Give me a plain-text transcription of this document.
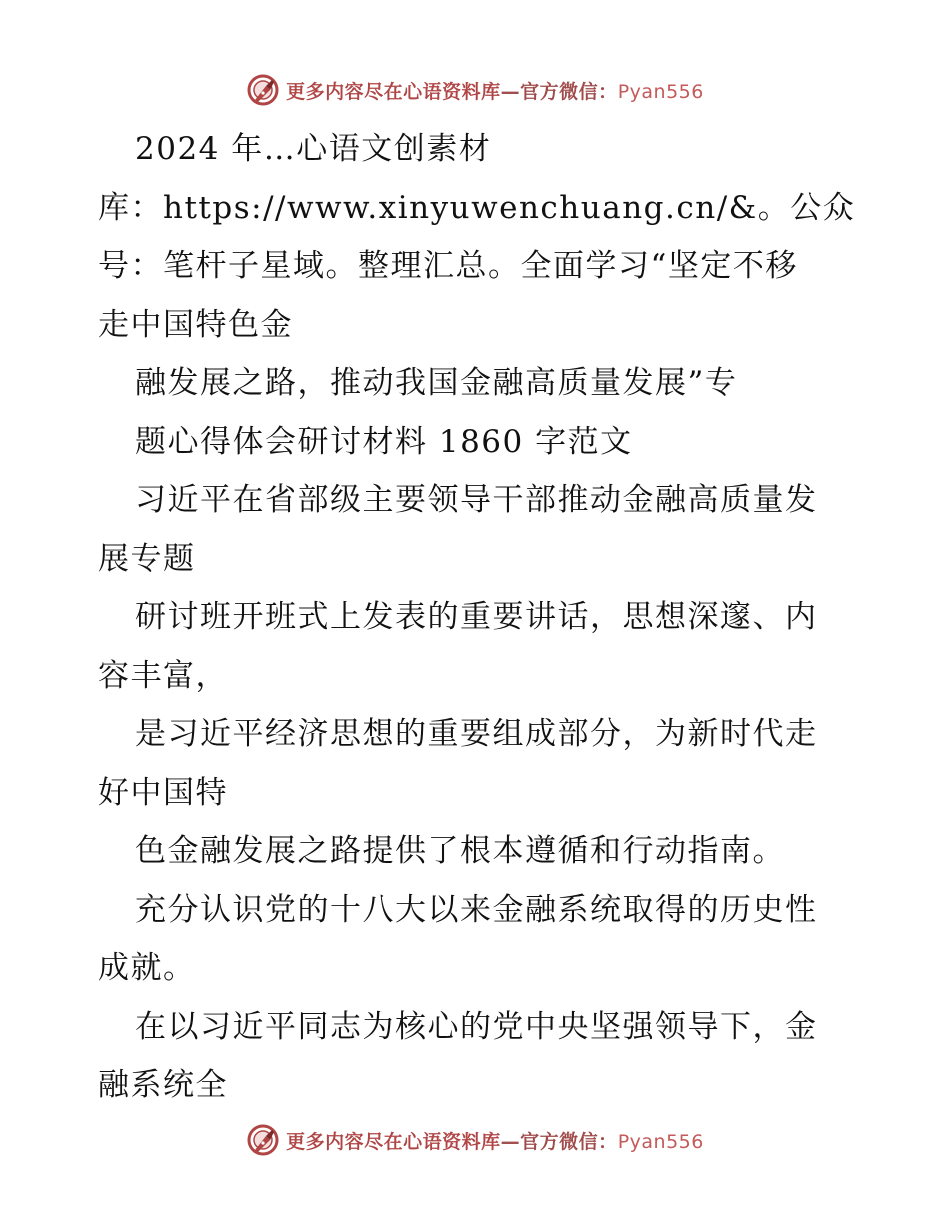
更多内容尽在心语资料库—官方微信：Pyan556
2024 年…心语文创素材
库：https://www.xinyuwenchuang.cn/&。公众
号：笔杆子星域。整理汇总。全面学习“坚定不移
走中国特色金
融发展之路，推动我国金融高质量发展”专
题心得体会研讨材料 1860 字范文
习近平在省部级主要领导干部推动金融高质量发
展专题
研讨班开班式上发表的重要讲话，思想深邃、内
容丰富，
是习近平经济思想的重要组成部分，为新时代走
好中国特
色金融发展之路提供了根本遵循和行动指南。
充分认识党的十八大以来金融系统取得的历史性
成就。
在以习近平同志为核心的党中央坚强领导下，金
融系统全
更多内容尽在心语资料库—官方微信：Pyan556
